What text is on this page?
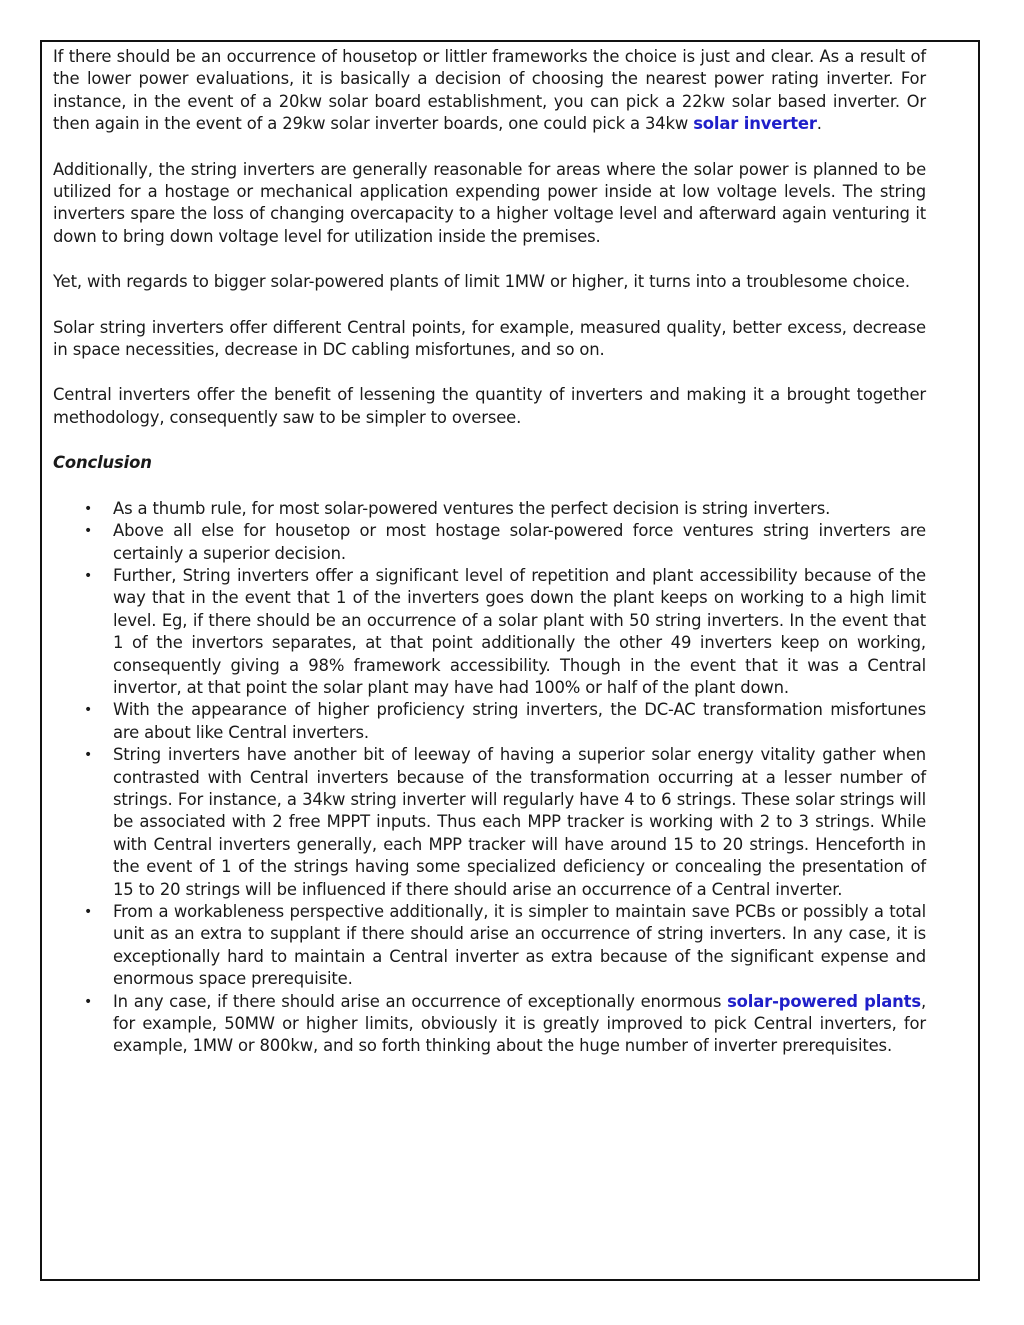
If there should be an occurrence of housetop or littler frameworks the choice is just and clear. As a result of the lower power evaluations, it is basically a decision of choosing the nearest power rating inverter. For instance, in the event of a 20kw solar board establishment, you can pick a 22kw solar based inverter. Or then again in the event of a 29kw solar inverter boards, one could pick a 34kw solar inverter.

Additionally, the string inverters are generally reasonable for areas where the solar power is planned to be utilized for a hostage or mechanical application expending power inside at low voltage levels. The string inverters spare the loss of changing overcapacity to a higher voltage level and afterward again venturing it down to bring down voltage level for utilization inside the premises.

Yet, with regards to bigger solar-powered plants of limit 1MW or higher, it turns into a troublesome choice.

Solar string inverters offer different Central points, for example, measured quality, better excess, decrease in space necessities, decrease in DC cabling misfortunes, and so on.

Central inverters offer the benefit of lessening the quantity of inverters and making it a brought together methodology, consequently saw to be simpler to oversee.

Conclusion
• As a thumb rule, for most solar-powered ventures the perfect decision is string inverters.
• Above all else for housetop or most hostage solar-powered force ventures string inverters are certainly a superior decision.
• Further, String inverters offer a significant level of repetition and plant accessibility because of the way that in the event that 1 of the inverters goes down the plant keeps on working to a high limit level. Eg, if there should be an occurrence of a solar plant with 50 string inverters. In the event that 1 of the invertors separates, at that point additionally the other 49 inverters keep on working, consequently giving a 98% framework accessibility. Though in the event that it was a Central invertor, at that point the solar plant may have had 100% or half of the plant down.
• With the appearance of higher proficiency string inverters, the DC-AC transformation misfortunes are about like Central inverters.
• String inverters have another bit of leeway of having a superior solar energy vitality gather when contrasted with Central inverters because of the transformation occurring at a lesser number of strings. For instance, a 34kw string inverter will regularly have 4 to 6 strings. These solar strings will be associated with 2 free MPPT inputs. Thus each MPP tracker is working with 2 to 3 strings. While with Central inverters generally, each MPP tracker will have around 15 to 20 strings. Henceforth in the event of 1 of the strings having some specialized deficiency or concealing the presentation of 15 to 20 strings will be influenced if there should arise an occurrence of a Central inverter.
• From a workableness perspective additionally, it is simpler to maintain save PCBs or possibly a total unit as an extra to supplant if there should arise an occurrence of string inverters. In any case, it is exceptionally hard to maintain a Central inverter as extra because of the significant expense and enormous space prerequisite.
• In any case, if there should arise an occurrence of exceptionally enormous solar-powered plants, for example, 50MW or higher limits, obviously it is greatly improved to pick Central inverters, for example, 1MW or 800kw, and so forth thinking about the huge number of inverter prerequisites.
